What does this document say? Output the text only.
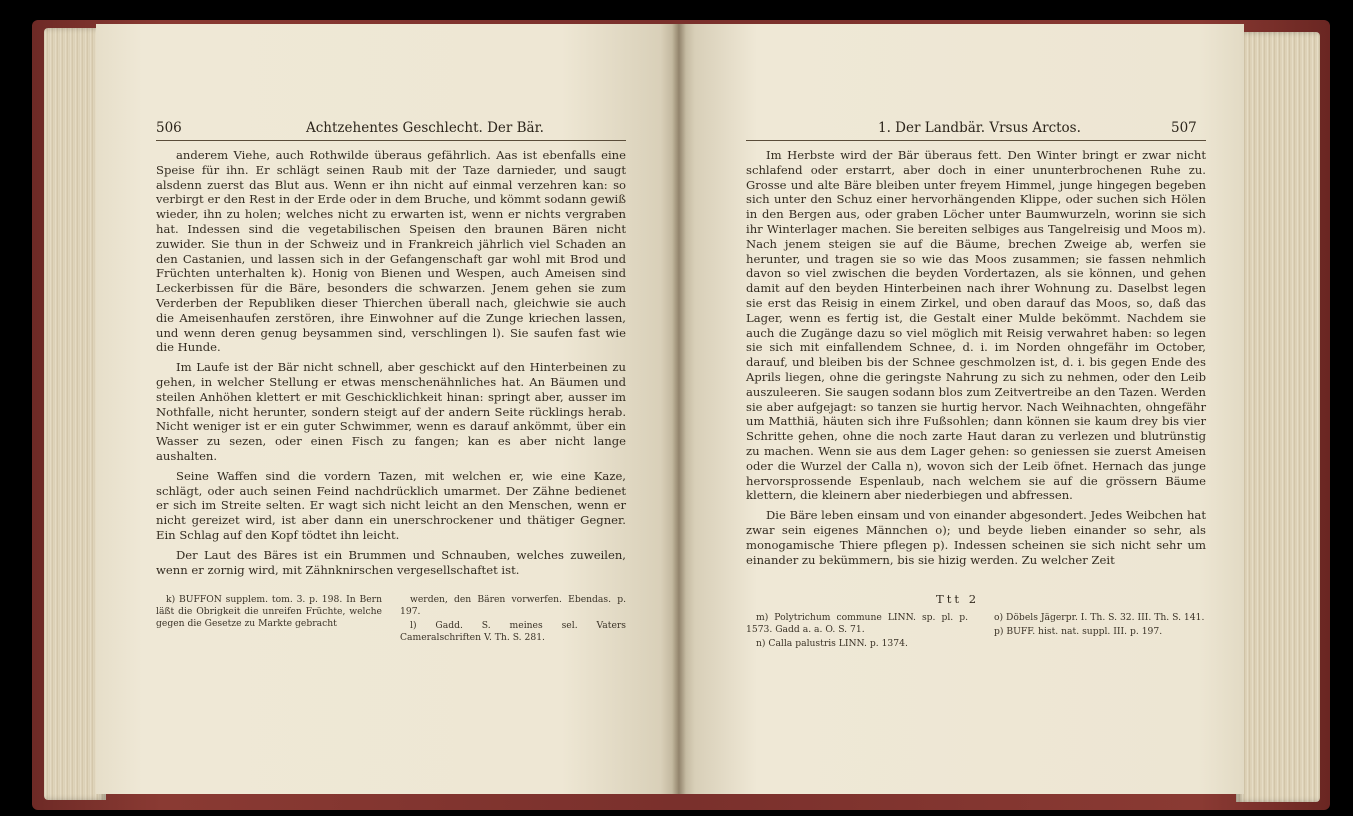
506	Achtzehentes Geschlecht. Der Bär.

anderem Viehe, auch Rothwilde überaus gefährlich. Aas ist ebenfalls eine Speise für ihn. Er schlägt seinen Raub mit der Taze darnieder, und saugt alsdenn zuerst das Blut aus. Wenn er ihn nicht auf einmal verzehren kan: so verbirgt er den Rest in der Erde oder in dem Bruche, und kömmt sodann gewiß wieder, ihn zu holen; welches nicht zu erwarten ist, wenn er nichts vergraben hat. Indessen sind die vegetabilischen Speisen den braunen Bären nicht zuwider. Sie thun in der Schweiz und in Frankreich jährlich viel Schaden an den Castanien, und lassen sich in der Gefangenschaft gar wohl mit Brod und Früchten unterhalten k). Honig von Bienen und Wespen, auch Ameisen sind Leckerbissen für die Bäre, besonders die schwarzen. Jenem gehen sie zum Verderben der Republiken dieser Thierchen überall nach, gleichwie sie auch die Ameisenhaufen zerstören, ihre Einwohner auf die Zunge kriechen lassen, und wenn deren genug beysammen sind, verschlingen l). Sie saufen fast wie die Hunde.

Im Laufe ist der Bär nicht schnell, aber geschickt auf den Hinterbeinen zu gehen, in welcher Stellung er etwas menschenähnliches hat. An Bäumen und steilen Anhöhen klettert er mit Geschicklichkeit hinan: springt aber, ausser im Nothfalle, nicht herunter, sondern steigt auf der andern Seite rücklings herab. Nicht weniger ist er ein guter Schwimmer, wenn es darauf ankömmt, über ein Wasser zu sezen, oder einen Fisch zu fangen; kan es aber nicht lange aushalten.

Seine Waffen sind die vordern Tazen, mit welchen er, wie eine Kaze, schlägt, oder auch seinen Feind nachdrücklich umarmet. Der Zähne bedienet er sich im Streite selten. Er wagt sich nicht leicht an den Menschen, wenn er nicht gereizet wird, ist aber dann ein unerschrockener und thätiger Gegner. Ein Schlag auf den Kopf tödtet ihn leicht.

Der Laut des Bäres ist ein Brummen und Schnauben, welches zuweilen, wenn er zornig wird, mit Zähnknirschen vergesellschaftet ist.

k) BUFFON supplem. tom. 3. p. 198. In Bern läßt die Obrigkeit die unreifen Früchte, welche gegen die Gesetze zu Markte gebracht

werden, den Bären vorwerfen. Ebendas. p. 197.

l) Gadd. S. meines sel. Vaters Cameralschriften V. Th. S. 281.

1. Der Landbär. Vrsus Arctos.	507

Im Herbste wird der Bär überaus fett. Den Winter bringt er zwar nicht schlafend oder erstarrt, aber doch in einer ununterbrochenen Ruhe zu. Grosse und alte Bäre bleiben unter freyem Himmel, junge hingegen begeben sich unter den Schuz einer hervorhängenden Klippe, oder suchen sich Hölen in den Bergen aus, oder graben Löcher unter Baumwurzeln, worinn sie sich ihr Winterlager machen. Sie bereiten selbiges aus Tangelreisig und Moos m). Nach jenem steigen sie auf die Bäume, brechen Zweige ab, werfen sie herunter, und tragen sie so wie das Moos zusammen; sie fassen nehmlich davon so viel zwischen die beyden Vordertazen, als sie können, und gehen damit auf den beyden Hinterbeinen nach ihrer Wohnung zu. Daselbst legen sie erst das Reisig in einem Zirkel, und oben darauf das Moos, so, daß das Lager, wenn es fertig ist, die Gestalt einer Mulde bekömmt. Nachdem sie auch die Zugänge dazu so viel möglich mit Reisig verwahret haben: so legen sie sich mit einfallendem Schnee, d. i. im Norden ohngefähr im October, darauf, und bleiben bis der Schnee geschmolzen ist, d. i. bis gegen Ende des Aprils liegen, ohne die geringste Nahrung zu sich zu nehmen, oder den Leib auszuleeren. Sie saugen sodann blos zum Zeitvertreibe an den Tazen. Werden sie aber aufgejagt: so tanzen sie hurtig hervor. Nach Weihnachten, ohngefähr um Matthiä, häuten sich ihre Fußsohlen; dann können sie kaum drey bis vier Schritte gehen, ohne die noch zarte Haut daran zu verlezen und blutrünstig zu machen. Wenn sie aus dem Lager gehen: so geniessen sie zuerst Ameisen oder die Wurzel der Calla n), wovon sich der Leib öfnet. Hernach das junge hervorsprossende Espenlaub, nach welchem sie auf die grössern Bäume klettern, die kleinern aber niederbiegen und abfressen.

Die Bäre leben einsam und von einander abgesondert. Jedes Weibchen hat zwar sein eigenes Männchen o); und beyde lieben einander so sehr, als monogamische Thiere pflegen p). Indessen scheinen sie sich nicht sehr um einander zu bekümmern, bis sie hizig werden. Zu welcher Zeit

Ttt 2

m) Polytrichum commune LINN. sp. pl. p. 1573. Gadd a. a. O. S. 71.

n) Calla palustris LINN. p. 1374.

o) Döbels Jägerpr. I. Th. S. 32. III. Th. S. 141.

p) BUFF. hist. nat. suppl. III. p. 197.
